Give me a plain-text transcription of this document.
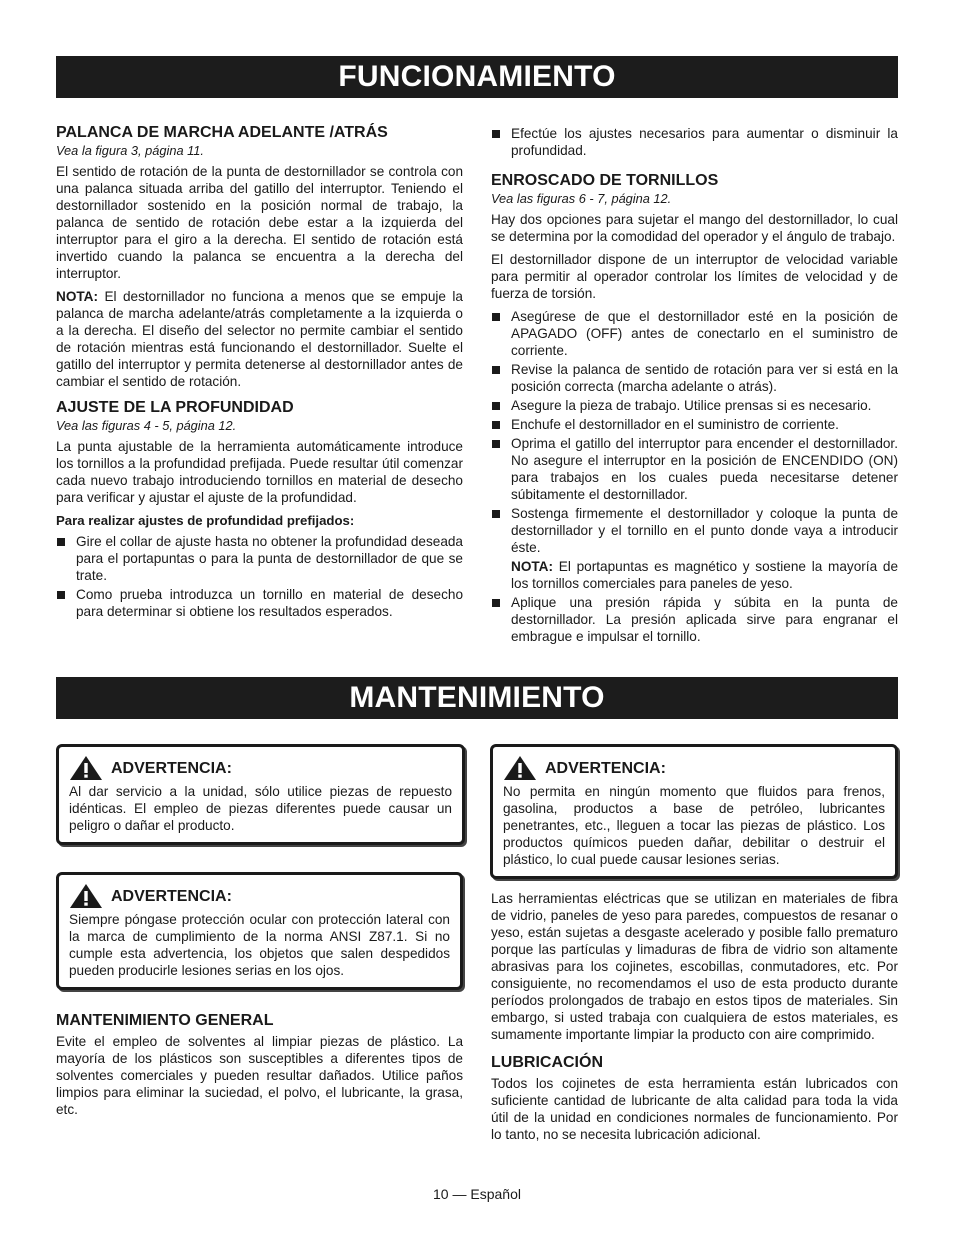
FUNCIONAMIENTO
PALANCA DE MARCHA ADELANTE /ATRÁS
Vea la figura 3, página 11.

El sentido de rotación de la punta de destornillador se controla con una palanca situada arriba del gatillo del interruptor. Teniendo el destornillador sostenido en la posición normal de trabajo, la palanca de sentido de rotación debe estar a la izquierda del interruptor para el giro a la derecha. El sentido de rotación está invertido cuando la palanca se encuentra a la derecha del interruptor.

NOTA: El destornillador no funciona a menos que se empuje la palanca de marcha adelante/atrás completamente a la izquierda o a la derecha. El diseño del selector no permite cambiar el sentido de rotación mientras está funcionando el destornillador. Suelte el gatillo del interruptor y permita detenerse al destornillador antes de cambiar el sentido de rotación.

AJUSTE DE LA PROFUNDIDAD
Vea las figuras 4 - 5, página 12.

La punta ajustable de la herramienta automáticamente introduce los tornillos a la profundidad prefijada. Puede resultar útil comenzar cada nuevo trabajo introduciendo tornillos en material de desecho para verificar y ajustar el ajuste de la profundidad.

Para realizar ajustes de profundidad prefijados:
Gire el collar de ajuste hasta no obtener la profundidad deseada para el portapuntas o para la punta de destornillador de que se trate.
Como prueba introduzca un tornillo en material de desecho para determinar si obtiene los resultados esperados.
Efectúe los ajustes necesarios para aumentar o disminuir la profundidad.
ENROSCADO DE TORNILLOS
Vea las figuras 6 - 7, página 12.

Hay dos opciones para sujetar el mango del destornillador, lo cual se determina por la comodidad del operador y el ángulo de trabajo.

El destornillador dispone de un interruptor de velocidad variable para permitir al operador controlar los límites de velocidad y de fuerza de torsión.

Asegúrese de que el destornillador esté en la posición de APAGADO (OFF) antes de conectarlo en el suministro de corriente.
Revise la palanca de sentido de rotación para ver si está en la posición correcta (marcha adelante o atrás).
Asegure la pieza de trabajo. Utilice prensas si es necesario.
Enchufe el destornillador en el suministro de corriente.
Oprima el gatillo del interruptor para encender el destornillador. No asegure el interruptor en la posición de ENCENDIDO (ON) para trabajos en los cuales pueda necesitarse detener súbitamente el destornillador.
Sostenga firmemente el destornillador y coloque la punta de destornillador y el tornillo en el punto donde vaya a introducir éste.
NOTA: El portapuntas es magnético y sostiene la mayoría de los tornillos comerciales para paneles de yeso.
Aplique una presión rápida y súbita en la punta de destornillador. La presión aplicada sirve para engranar el embrague e impulsar el tornillo.
MANTENIMIENTO
ADVERTENCIA:
Al dar servicio a la unidad, sólo utilice piezas de repuesto idénticas. El empleo de piezas diferentes puede causar un peligro o dañar el producto.
ADVERTENCIA:
Siempre póngase protección ocular con protección lateral con la marca de cumplimiento de la norma ANSI Z87.1. Si no cumple esta advertencia, los objetos que salen despedidos pueden producirle lesiones serias en los ojos.
MANTENIMIENTO GENERAL

Evite el empleo de solventes al limpiar piezas de plástico. La mayoría de los plásticos son susceptibles a diferentes tipos de solventes comerciales y pueden resultar dañados. Utilice paños limpios para eliminar la suciedad, el polvo, el lubricante, la grasa, etc.

ADVERTENCIA:
No permita en ningún momento que fluidos para frenos, gasolina, productos a base de petróleo, lubricantes penetrantes, etc., lleguen a tocar las piezas de plástico. Los productos químicos pueden dañar, debilitar o destruir el plástico, lo cual puede causar lesiones serias.

Las herramientas eléctricas que se utilizan en materiales de fibra de vidrio, paneles de yeso para paredes, compuestos de resanar o yeso, están sujetas a desgaste acelerado y posible fallo prematuro porque las partículas y limaduras de fibra de vidrio son altamente abrasivas para los cojinetes, escobillas, conmutadores, etc. Por consiguiente, no recomendamos el uso de esta producto durante períodos prolongados de trabajo en estos tipos de materiales. Sin embargo, si usted trabaja con cualquiera de estos materiales, es sumamente importante limpiar la producto con aire comprimido.

LUBRICACIÓN

Todos los cojinetes de esta herramienta están lubricados con suficiente cantidad de lubricante de alta calidad para toda la vida útil de la unidad en condiciones normales de funcionamiento. Por lo tanto, no se necesita lubricación adicional.

10 — Español
